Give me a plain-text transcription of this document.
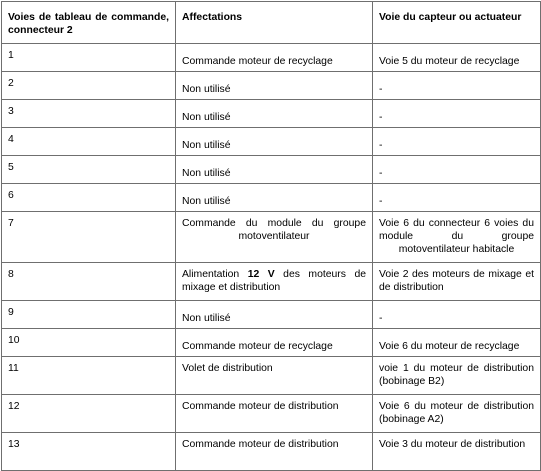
Voies de tableau de commande, connecteur 2	Affectations	Voie du capteur ou actuateur
1	Commande moteur de recyclage	Voie 5 du moteur de recyclage
2	Non utilisé	-
3	Non utilisé	-
4	Non utilisé	-
5	Non utilisé	-
6	Non utilisé	-
7	Commande du module du groupe motoventilateur	Voie 6 du connecteur 6 voies du module du groupe motoventilateur habitacle
8	Alimentation 12 V des moteurs de mixage et distribution	Voie 2 des moteurs de mixage et de distribution
9	Non utilisé	-
10	Commande moteur de recyclage	Voie 6 du moteur de recyclage
11	Volet de distribution	voie 1 du moteur de distribution (bobinage B2)
12	Commande moteur de distribution	Voie 6 du moteur de distribution (bobinage A2)
13	Commande moteur de distribution	Voie 3 du moteur de distribution
